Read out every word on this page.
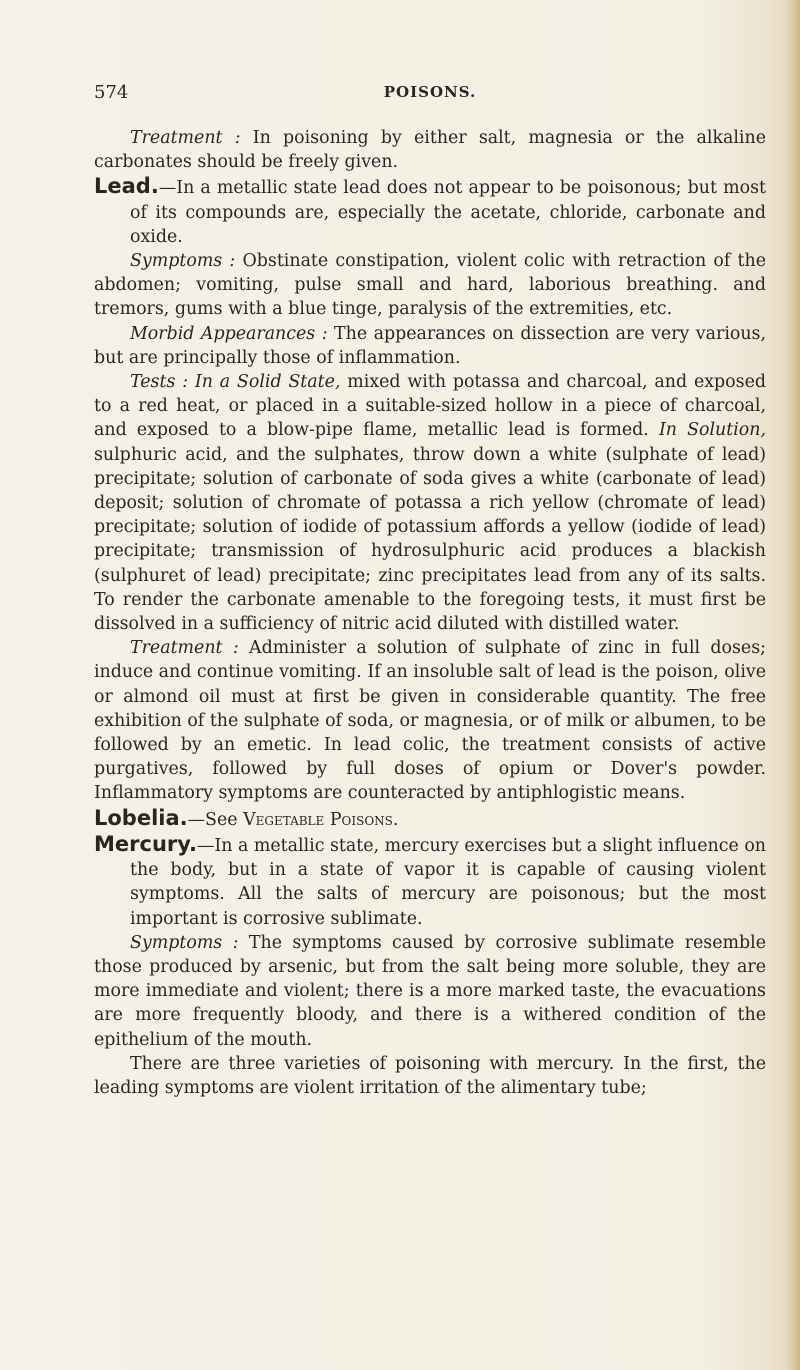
574	POISONS.

Treatment : In poisoning by either salt, magnesia or the alkaline carbonates should be freely given.

Lead.—In a metallic state lead does not appear to be poisonous; but most of its compounds are, especially the acetate, chloride, carbonate and oxide.

Symptoms : Obstinate constipation, violent colic with retraction of the abdomen; vomiting, pulse small and hard, laborious breathing. and tremors, gums with a blue tinge, paralysis of the extremities, etc.

Morbid Appearances : The appearances on dissection are very various, but are principally those of inflammation.

Tests : In a Solid State, mixed with potassa and charcoal, and exposed to a red heat, or placed in a suitable-sized hollow in a piece of charcoal, and exposed to a blow-pipe flame, metallic lead is formed. In Solution, sulphuric acid, and the sulphates, throw down a white (sulphate of lead) precipitate; solution of carbonate of soda gives a white (carbonate of lead) deposit; solution of chromate of potassa a rich yellow (chromate of lead) precipitate; solution of iodide of potassium affords a yellow (iodide of lead) precipitate; transmission of hydrosulphuric acid produces a blackish (sulphuret of lead) precipitate; zinc precipitates lead from any of its salts. To render the carbonate amenable to the foregoing tests, it must first be dissolved in a sufficiency of nitric acid diluted with distilled water.

Treatment : Administer a solution of sulphate of zinc in full doses; induce and continue vomiting. If an insoluble salt of lead is the poison, olive or almond oil must at first be given in considerable quantity. The free exhibition of the sulphate of soda, or magnesia, or of milk or albumen, to be followed by an emetic. In lead colic, the treatment consists of active purgatives, followed by full doses of opium or Dover's powder. Inflammatory symptoms are counteracted by antiphlogistic means.

Lobelia.—See Vegetable Poisons.

Mercury.—In a metallic state, mercury exercises but a slight influence on the body, but in a state of vapor it is capable of causing violent symptoms. All the salts of mercury are poisonous; but the most important is corrosive sublimate.

Symptoms : The symptoms caused by corrosive sublimate resemble those produced by arsenic, but from the salt being more soluble, they are more immediate and violent; there is a more marked taste, the evacuations are more frequently bloody, and there is a withered condition of the epithelium of the mouth.

There are three varieties of poisoning with mercury. In the first, the leading symptoms are violent irritation of the alimentary tube;
